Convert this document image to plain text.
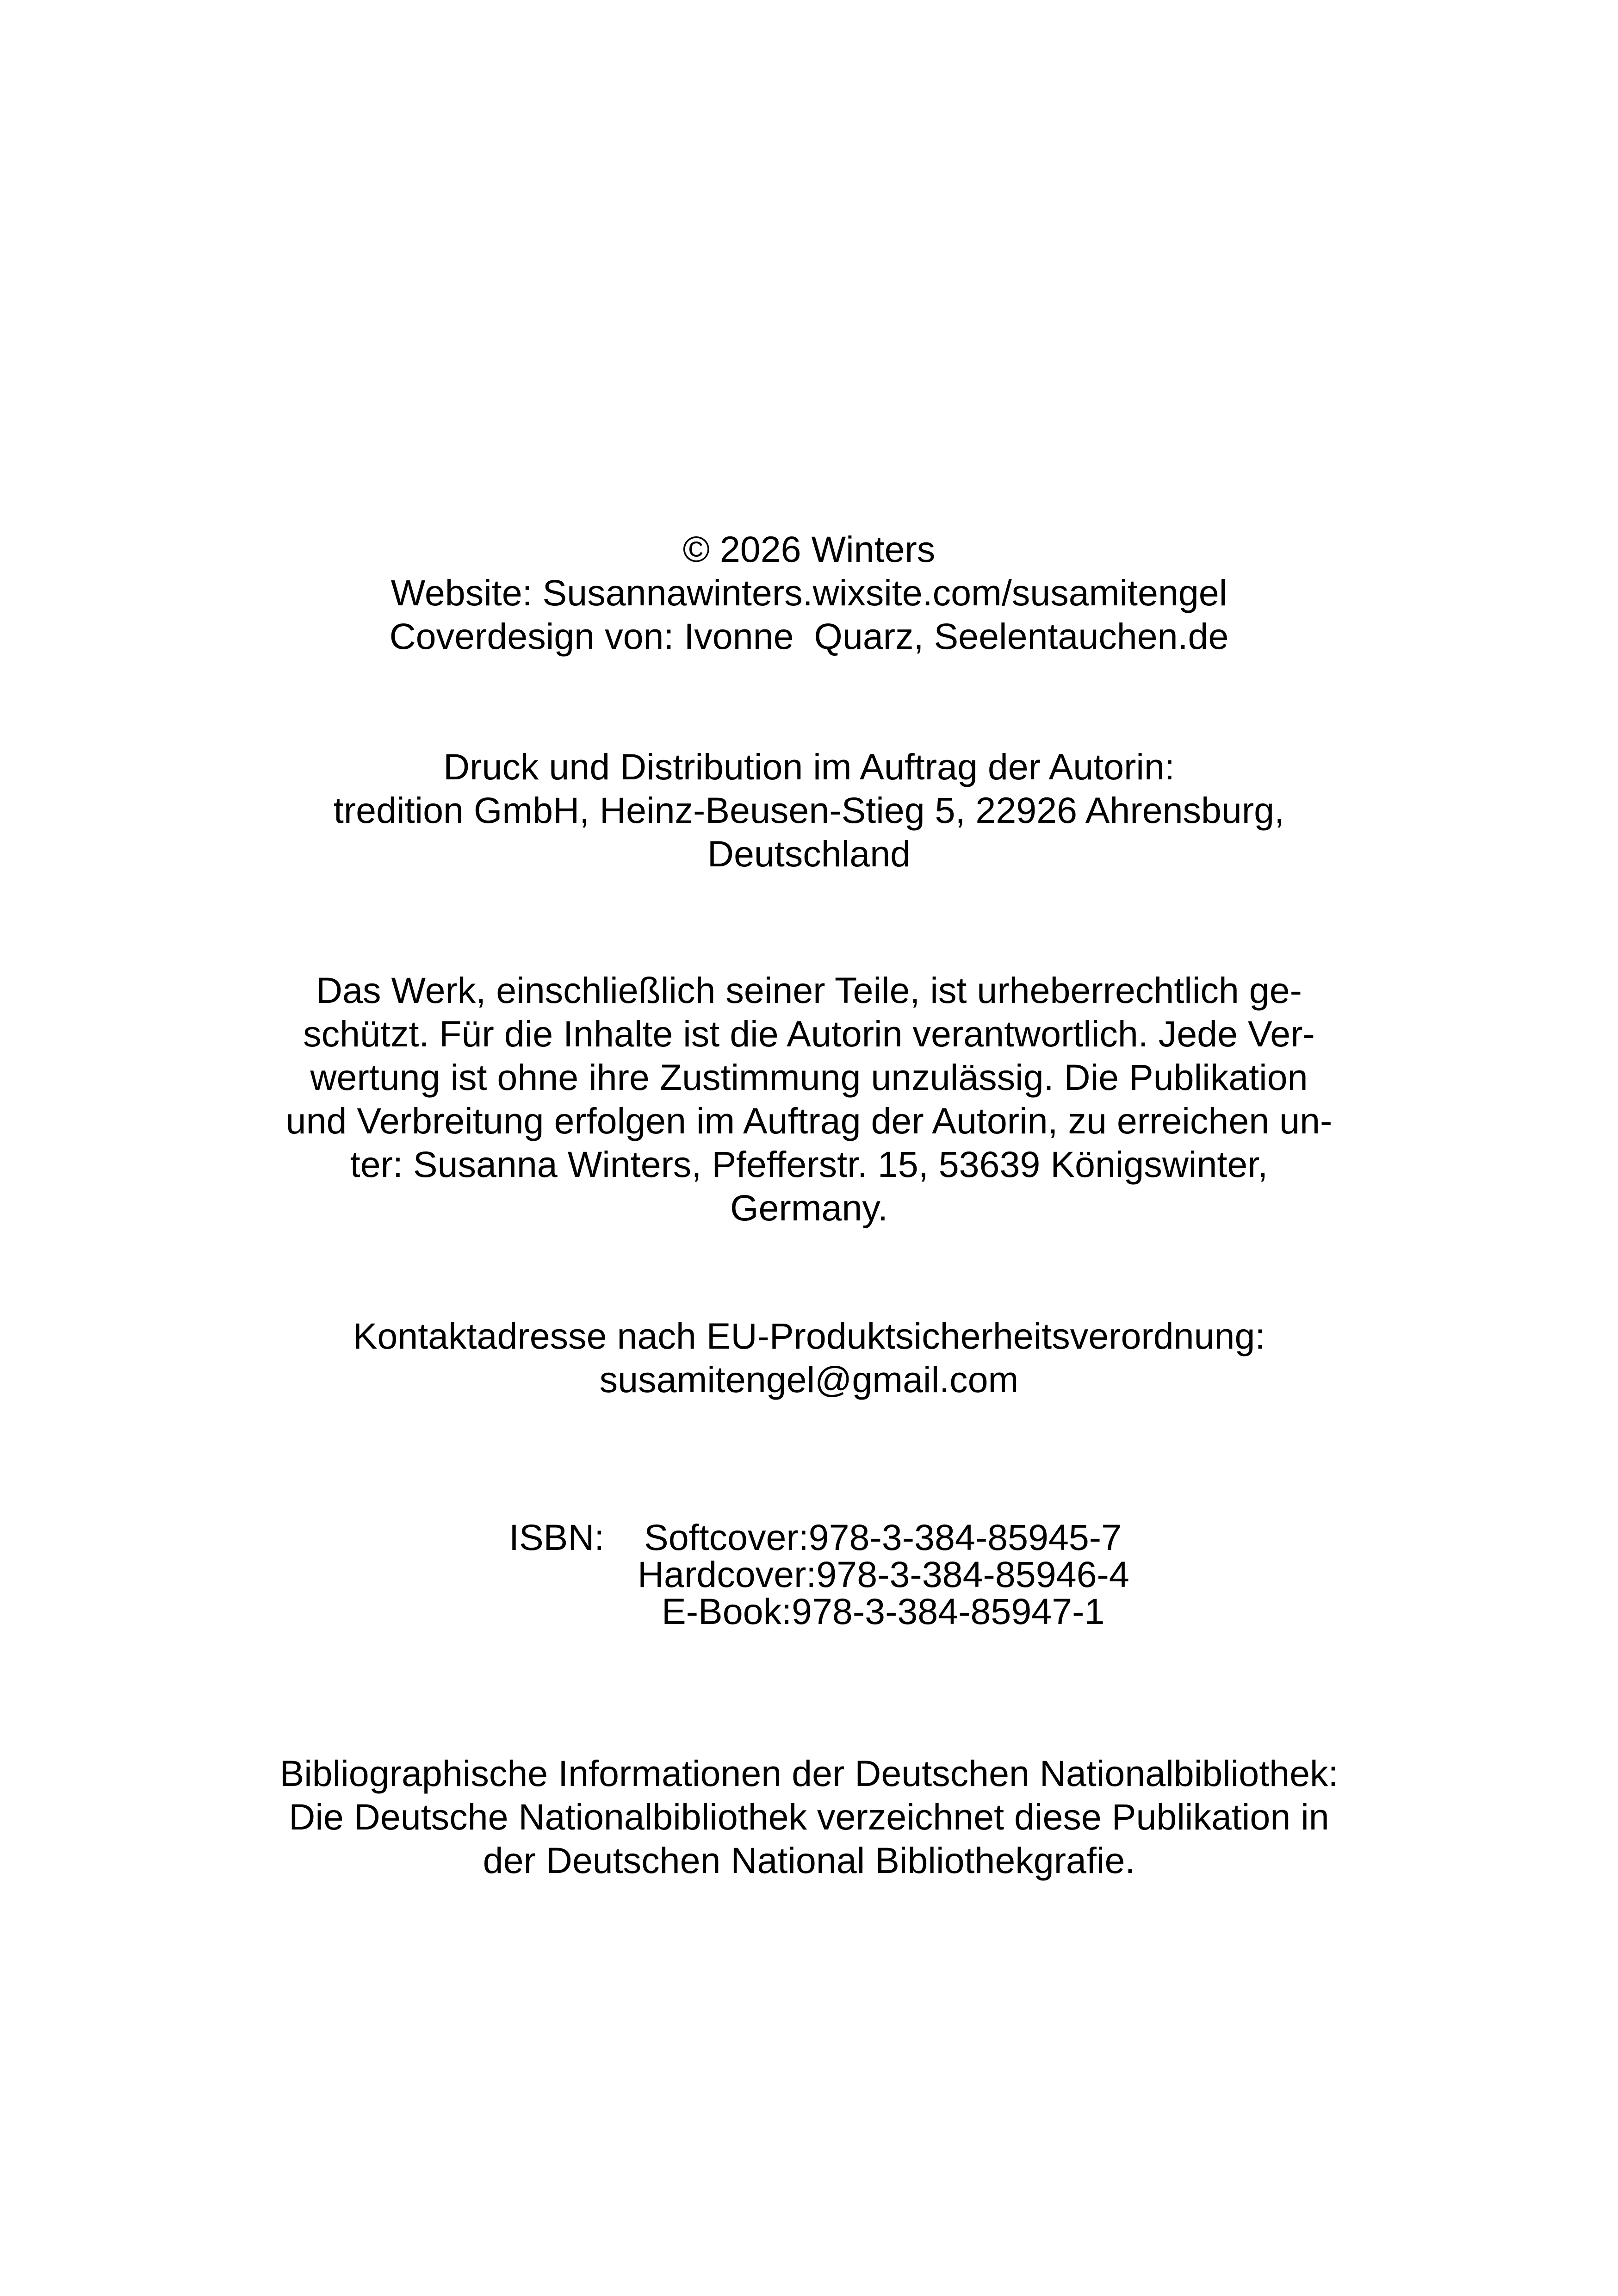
© 2026 Winters
Website: Susannawinters.wixsite.com/susamitengel
Coverdesign von: Ivonne  Quarz, Seelentauchen.de
Druck und Distribution im Auftrag der Autorin:
tredition GmbH, Heinz-Beusen-Stieg 5, 22926 Ahrensburg,
Deutschland
Das Werk, einschließlich seiner Teile, ist urheberrechtlich ge-
schützt. Für die Inhalte ist die Autorin verantwortlich. Jede Ver-
wertung ist ohne ihre Zustimmung unzulässig. Die Publikation
und Verbreitung erfolgen im Auftrag der Autorin, zu erreichen un-
ter: Susanna Winters, Pfefferstr. 15, 53639 Königswinter,
Germany.
Kontaktadresse nach EU-Produktsicherheitsverordnung:
susamitengel@gmail.com

ISBN:

Softcover:978-3-384-85945-7

Hardcover:978-3-384-85946-4

E-Book:978-3-384-85947-1

Bibliographische Informationen der Deutschen Nationalbibliothek:
Die Deutsche Nationalbibliothek verzeichnet diese Publikation in
der Deutschen National Bibliothekgrafie.
